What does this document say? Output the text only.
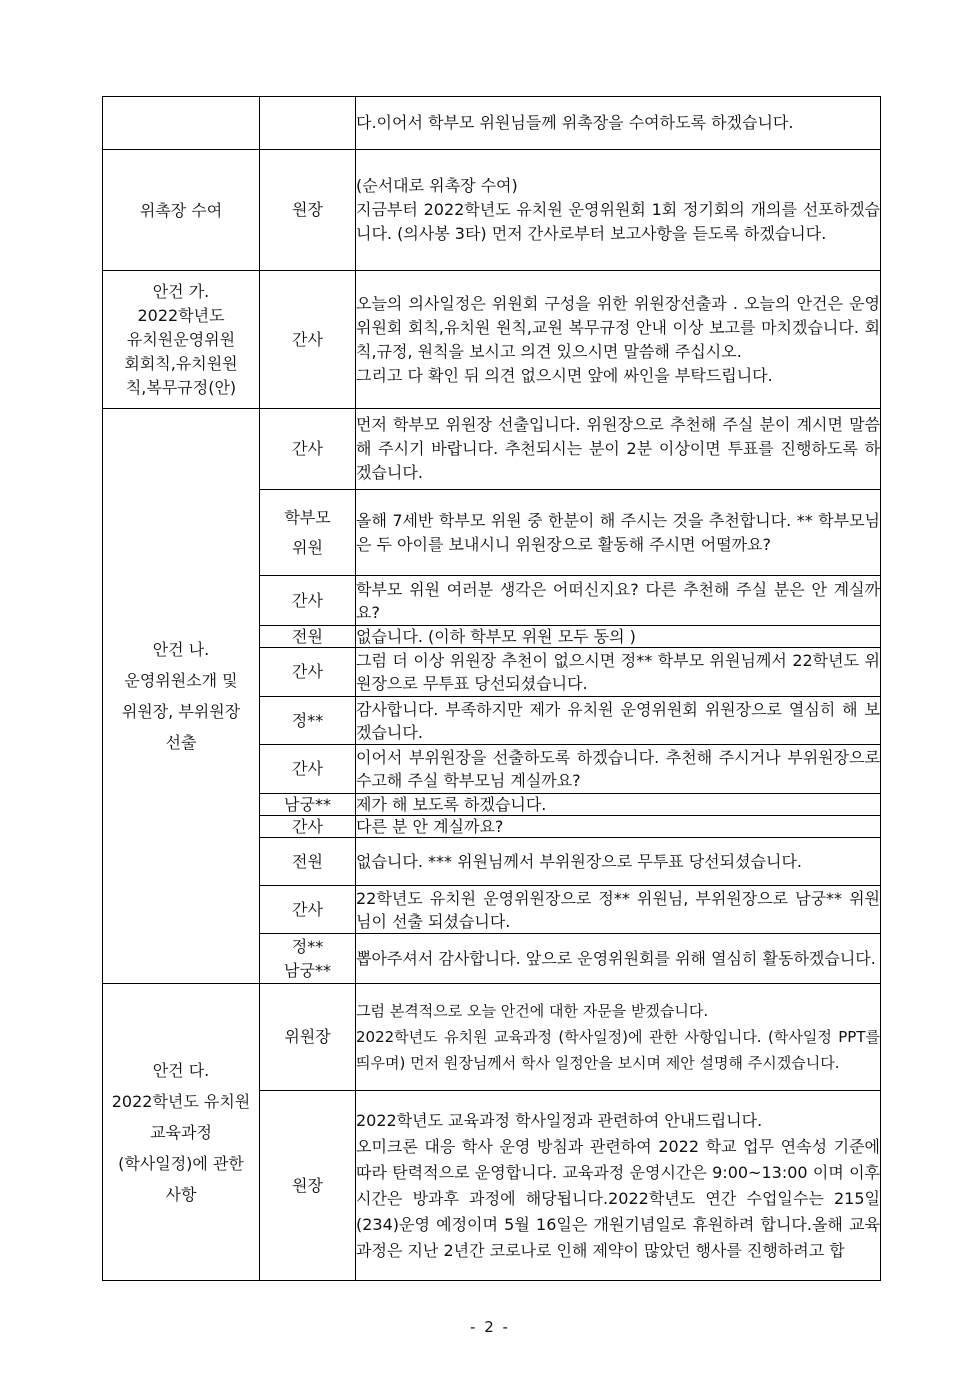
		다.이어서 학부모 위원님들께 위촉장을 수여하도록 하겠습니다.
위촉장 수여	원장	(순서대로 위촉장 수여)
지금부터 2022학년도 유치원 운영위원회 1회 정기회의 개의를 선포하겠습니다. (의사봉 3타) 먼저 간사로부터 보고사항을 듣도록 하겠습니다.

안건 가.
2022학년도
유치원운영위원
회회칙,유치원원
칙,복무규정(안)	간사	오늘의 의사일정은 위원회 구성을 위한 위원장선출과 . 오늘의 안건은 운영위원회 회칙,유치원 원칙,교원 복무규정 안내 이상 보고를 마치겠습니다. 회칙,규정, 원칙을 보시고 의견 있으시면 말씀해 주십시오.
그리고 다 확인 뒤 의견 없으시면 앞에 싸인을 부탁드립니다.

안건 나.
운영위원소개 및
위원장, 부위원장
선출	간사	먼저 학부모 위원장 선출입니다. 위원장으로 추천해 주실 분이 계시면 말씀해 주시기 바랍니다. 추천되시는 분이 2분 이상이면 투표를 진행하도록 하겠습니다.

	학부모
위원	올해 7세반 학부모 위원 중 한분이 해 주시는 것을 추천합니다. ** 학부모님은 두 아이를 보내시니 위원장으로 활동해 주시면 어떨까요?
	간사	학부모 위원 여러분 생각은 어떠신지요? 다른 추천해 주실 분은 안 계실까요?
	전원	없습니다. (이하 학부모 위원 모두 동의 )
	간사	그럼 더 이상 위원장 추천이 없으시면 정** 학부모 위원님께서 22학년도 위원장으로 무투표 당선되셨습니다.
	정**	감사합니다. 부족하지만 제가 유치원 운영위원회 위원장으로 열심히 해 보겠습니다.
	간사	이어서 부위원장을 선출하도록 하겠습니다. 추천해 주시거나 부위원장으로 수고해 주실 학부모님 계실까요?
	남궁**	제가 해 보도록 하겠습니다.
	간사	다른 분 안 계실까요?
	전원	없습니다. *** 위원님께서 부위원장으로 무투표 당선되셨습니다.
	간사	22학년도 유치원 운영위원장으로 정** 위원님, 부위원장으로 남궁** 위원님이 선출 되셨습니다.

	정**
남궁**	뽑아주셔서 감사합니다. 앞으로 운영위원회를 위해 열심히 활동하겠습니다.

안건 다.
2022학년도 유치원
교육과정
(학사일정)에 관한
사항	위원장	그럼 본격적으로 오늘 안건에 대한 자문을 받겠습니다.
2022학년도 유치원 교육과정 (학사일정)에 관한 사항입니다. (학사일정 PPT를 띄우며) 먼저 원장님께서 학사 일정안을 보시며 제안 설명해 주시겠습니다.

	원장	2022학년도 교육과정 학사일정과 관련하여 안내드립니다.
오미크론 대응 학사 운영 방침과 관련하여 2022 학교 업무 연속성 기준에 따라 탄력적으로 운영합니다. 교육과정 운영시간은 9:00~13:00 이며 이후 시간은 방과후 과정에 해당됩니다.2022학년도 연간 수업일수는 215일 (234)운영 예정이며 5월 16일은 개원기념일로 휴원하려 합니다.올해 교육과정은 지난 2년간 코로나로 인해 제약이 많았던 행사를 진행하려고 합
- 2 -
